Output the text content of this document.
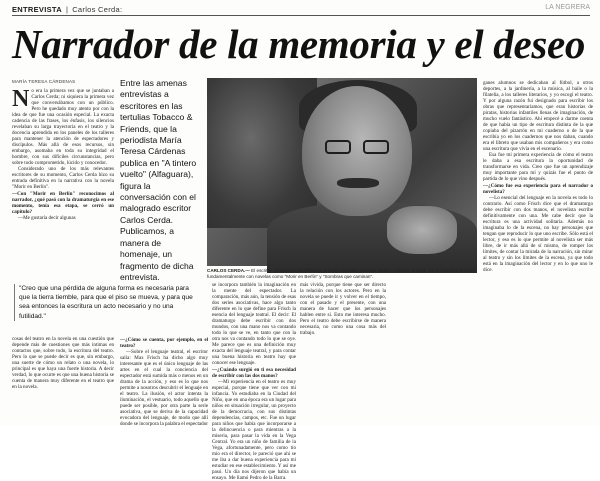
ENTREVISTA | Carlos Cerda:	LA NEGRERA
Narrador de la memoria y el deseo
MARÍA TERESA CÁRDENAS
N o era la primera vez que se juntaban a Carlos Cerda; ni siquiera la primera vez que conversábamos con un público. Pero he quedado muy atento por con la idea de que fue una ocasión especial. La exacta cadencia de las frases, los énfasis, los silencios revelaban su larga trayectoria en el teatro y la docencia aprendida en los paneles de los talleres para mantener la atención de espectadores y discípulos. Más allá de esos recursos, sin embargo, asomaba en toda su integridad el hombre, con sus difíciles circunstancias, pero sobre todo comprometido, lúcido y conocedor.

Considerado uno de los más relevantes escritores de su momento, Carlos Cerda hizo su entrada definitiva en la narrativa con la novela "Morir en Berlín".

—Con "Morir en Berlín" reconocimos al narrador, ¿qué pasó con la dramaturgia en ese momento, tenía esa etapa, se cerró un capítulo?

—Me gustaría decir algunas

Entre las amenas entrevistas a escritores en las tertulias Tobacco & Friends, que la periodista María Teresa Cárdenas publica en "A tintero vuelto" (Alfaguara), figura la conversación con el malogrado escritor Carlos Cerda. Publicamos, a manera de homenaje, un fragmento de dicha entrevista.
"Creo que una pérdida de alguna forma es necesaria para que la tierra tiemble, para que el piso se mueva, y para que sea entonces la escritura un acto necesario y no una futilidad."

cosas del teatro en la novela en una cuestión que depende más de cuestiones que más intimas en contactos que, sobre todo, la escritura del teatro. Pero lo que se puede decir es que, sin embargo, una suerte de cómo un relato o una novela, lo principal es que haya una fuerte historia. A decir verdad, lo que ocurre es que una buena historia se cuenta de manera muy diferente en el teatro que en la novela.

—¿Cómo se cuenta, por ejemplo, en el teatro?

—Sobre el lenguaje teatral, el escritor salía: Max Frisch ha dicho algo muy interesante que es el único lenguaje de las artes en el cual la conciencia del espectador está sumida más o menos en un drama de la acción, y eso es lo que nos permite a nosotros descubrir el lenguaje en el teatro. La ilusión, el actor intenta la iluminación, el vestuario, todo aquello que puede ser posible, por otra parte la serie asociativa, que se deriva de la capacidad evocadora del lenguaje, de modo que allí donde se incorpora la palabra el espectador

se incorpora también la imaginación en la mente del espectador. La comparación, más aún, la tensión de esas dos series asociativas, hace algo tanto diferente en lo que define para Frisch la esencia del lenguaje teatral. El decir: El dramaturgo debe escribir con dos mundos, con una mano nos va contando todo lo que se ve, en tanto que con la otra nos va contando todo lo que se oye. Me parece que es una definición muy exacta del lenguaje teatral, y para contar una buena historia en teatro hay que conocer ese lenguaje.

—¿Cuándo surgió en ti esa necesidad de escribir con las dos manos?

—Mi experiencia en el teatro es muy especial, porque tiene que ver con mi infancia. Yo estudiaba en la Ciudad del Niño, que en una época era un lugar para niños en situación irregular, un proyecto de la democracia, con sus distintas dependencias, campos, etc. Fue un lugar para niños que había que incorporarse a la delincuencia o para mientras a la miseria, para pasar la vida en la Vega Central. Yo era un niño de familia de la Vega, afortunadamente, pero como tío mío era el director, le pareció que ahí se me iba a dar buena experiencia para mí estudiar en ese establecimiento. Y así me pasó. Un día nos dijeron que había un ensayo. Me llamó Pedro de la Barra.

más vívida, porque tiene que ser directo la relación con los actores. Pero en la novela se puede ir y volver en el tiempo, con el pasado y el presente, con una manera de hacer que los personajes hablen entre sí. Esto me interesa mucho. Pero el teatro debe escribirse de manera necesaria, no como una cosa más del trabajo.

ganes alumnos se dedicaban al fútbol, a otros deportes, a la jardinería, a la música, al baile o la filatelia, a los talleres literarios, y yo escogí el teatro. Y por alguna razón fui designado para escribir los obras que representaríamos, que eran historias de piratas, historias infantiles llenas de imaginación, de mucho vuelo fantástico. Ahí empecé a darme cuenta de que había un tipo de escritura distinta de la que copiaba del pizarrón en mi cuaderno o de la que escribía yo en los cuadernos que nos daban, cuando era el libreto que usaban mis compañeros y era como una escritura que vivía en el escenario.

Esa fue mi primera experiencia de cómo el teatro le daba a esa escritura la oportunidad de transformarse en vida. Creo que fue un aprendizaje muy importante para mí y quizás fue el punto de partida de lo que vino después.

—¿Cómo fue esa experiencia para el narrador o novelista?

—Lo esencial del lenguaje en la novela es todo lo contrario. Así como Frisch dice que el dramaturgo debe escribir con dos manos, el novelista escribe definitivamente con una. Me cabe decir que la escritura es una actividad solitaria. Además no imaginaba lo de la escena, no hay personajes que tengan que reproducir lo que uno escribe. Sólo está el lector, y eso es lo que permite al novelista ser más libre, de ir más allá de sí mismo, de romper los límites, de contar la mirada de la narración, sin mirar al teatro y sin los límites de la escena, ya que todo está en la imaginación del lector y en lo que uno le dice.

CARLOS CERDA.— El escritor, recientemente fallecido, practicó diversos géneros: teatro, cuentos, ensayo. En el narrativo destacó fundamentalmente con novelas como "Morir en Berlín" y "Sombras que caminan".
